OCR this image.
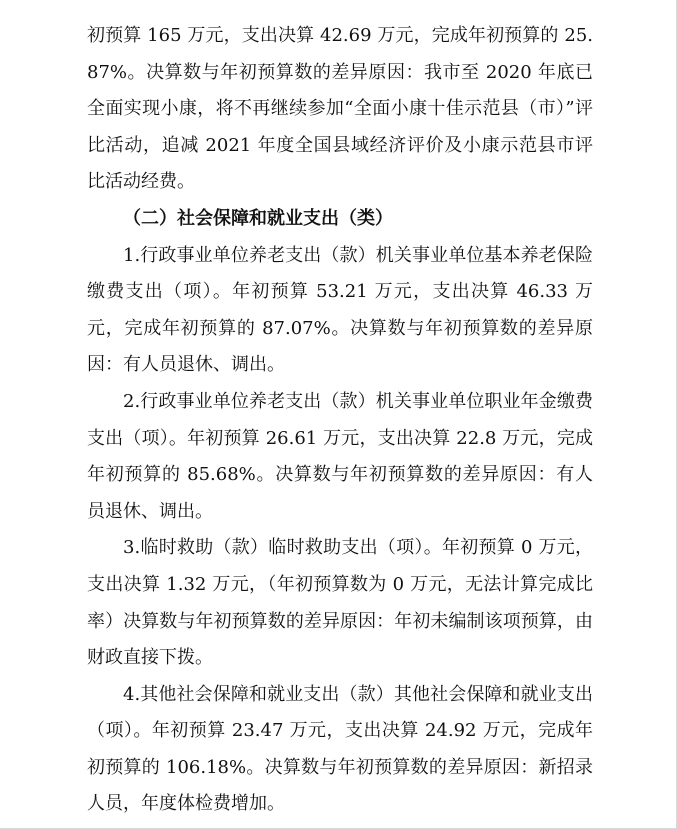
初预算 165 万元，支出决算 42.69 万元，完成年初预算的 25.87%。决算数与年初预算数的差异原因：我市至 2020 年底已全面实现小康，将不再继续参加“全面小康十佳示范县（市）”评比活动，追减 2021 年度全国县域经济评价及小康示范县市评比活动经费。

（二）社会保障和就业支出（类）

1.行政事业单位养老支出（款）机关事业单位基本养老保险缴费支出（项）。年初预算 53.21 万元，支出决算 46.33 万元，完成年初预算的 87.07%。决算数与年初预算数的差异原因：有人员退休、调出。

2.行政事业单位养老支出（款）机关事业单位职业年金缴费支出（项）。年初预算 26.61 万元，支出决算 22.8 万元，完成年初预算的 85.68%。决算数与年初预算数的差异原因：有人员退休、调出。

3.临时救助（款）临时救助支出（项）。年初预算 0 万元，支出决算 1.32 万元，（年初预算数为 0 万元，无法计算完成比率）决算数与年初预算数的差异原因：年初未编制该项预算，由财政直接下拨。

4.其他社会保障和就业支出（款）其他社会保障和就业支出（项）。年初预算 23.47 万元，支出决算 24.92 万元，完成年初预算的 106.18%。决算数与年初预算数的差异原因：新招录人员，年度体检费增加。
